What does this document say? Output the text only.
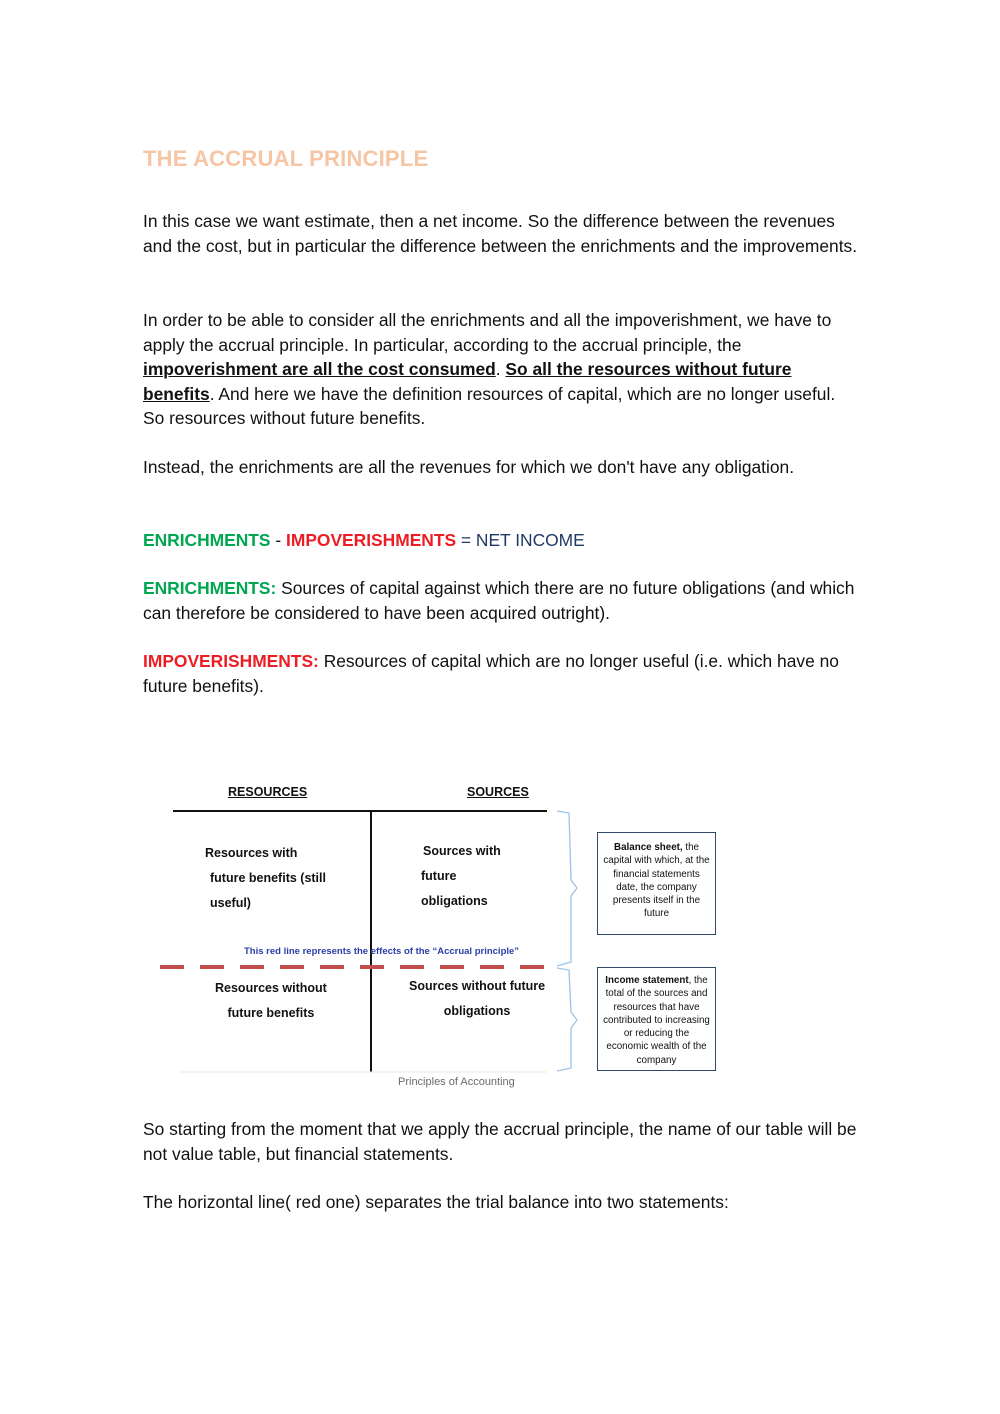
THE ACCRUAL PRINCIPLE

In this case we want estimate, then a net income. So the difference between the revenues and the cost, but in particular the difference between the enrichments and the improvements.

In order to be able to consider all the enrichments and all the impoverishment, we have to apply the accrual principle. In particular, according to the accrual principle, the impoverishment are all the cost consumed. So all the resources without future benefits. And here we have the definition resources of capital, which are no longer useful. So resources without future benefits.

Instead, the enrichments are all the revenues for which we don't have any obligation.

ENRICHMENTS - IMPOVERISHMENTS = NET INCOME

ENRICHMENTS: Sources of capital against which there are no future obligations (and which can therefore be considered to have been acquired outright).

IMPOVERISHMENTS: Resources of capital which are no longer useful (i.e. which have no future benefits).

So starting from the moment that we apply the accrual principle, the name of our table will be not value table, but financial statements.

The horizontal line( red one) separates the trial balance into two statements:

RESOURCES	SOURCES
Resources with
future benefits (still
useful)
Sources with
future
obligations
This red line represents the effects of the “Accrual principle”
Resources without
future benefits
Sources without future
obligations
Balance sheet, the capital with which, at the financial statements date, the company presents itself in the future
Income statement, the total of the sources and resources that have contributed to increasing or reducing the economic wealth of the company
Principles of Accounting
